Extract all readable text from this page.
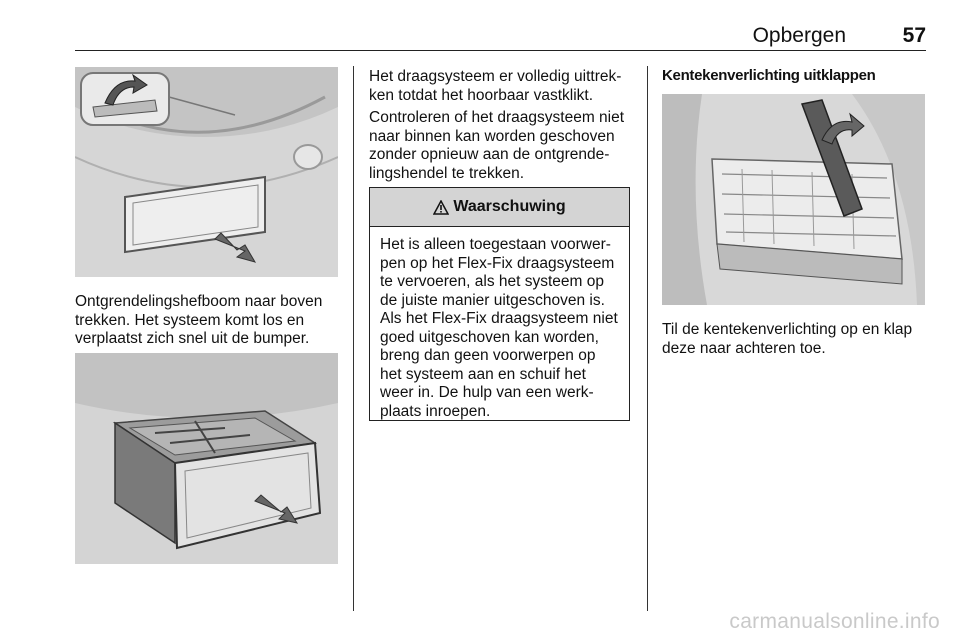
Opbergen	57
Ontgrendelingshefboom naar boven
trekken. Het systeem komt los en
verplaatst zich snel uit de bumper.
Het draagsysteem er volledig uittrek-
ken totdat het hoorbaar vastklikt.
Controleren of het draagsysteem niet
naar binnen kan worden geschoven
zonder opnieuw aan de ontgrende-
lingshendel te trekken.
Waarschuwing
Het is alleen toegestaan voorwer-
pen op het Flex-Fix draagsysteem
te vervoeren, als het systeem op
de juiste manier uitgeschoven is.
Als het Flex-Fix draagsysteem niet
goed uitgeschoven kan worden,
breng dan geen voorwerpen op
het systeem aan en schuif het
weer in. De hulp van een werk-
plaats inroepen.
Kentekenverlichting uitklappen
Til de kentekenverlichting op en klap
deze naar achteren toe.
carmanualsonline.info
